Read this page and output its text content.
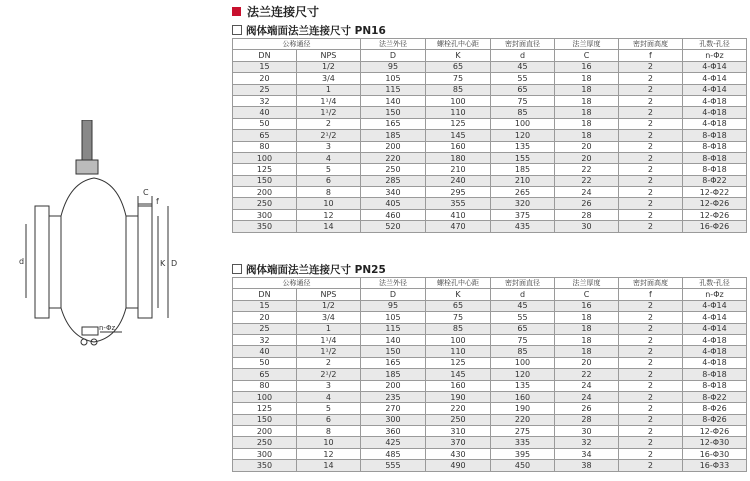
法兰连接尺寸
阀体端面法兰连接尺寸 PN16
公称通径		法兰外径	螺栓孔中心距	密封面直径	法兰厚度	密封面高度	孔数-孔径
DN	NPS	D	K	d	C	f	n-Φz
15	1/2	95	65	45	16	2	4-Φ14
20	3/4	105	75	55	18	2	4-Φ14
25	1	115	85	65	18	2	4-Φ14
32	1¹/4	140	100	75	18	2	4-Φ18
40	1¹/2	150	110	85	18	2	4-Φ18
50	2	165	125	100	18	2	4-Φ18
65	2¹/2	185	145	120	18	2	8-Φ18
80	3	200	160	135	20	2	8-Φ18
100	4	220	180	155	20	2	8-Φ18
125	5	250	210	185	22	2	8-Φ18
150	6	285	240	210	22	2	8-Φ22
200	8	340	295	265	24	2	12-Φ22
250	10	405	355	320	26	2	12-Φ26
300	12	460	410	375	28	2	12-Φ26
350	14	520	470	435	30	2	16-Φ26
阀体端面法兰连接尺寸 PN25
公称通径		法兰外径	螺栓孔中心距	密封面直径	法兰厚度	密封面高度	孔数-孔径
DN	NPS	D	K	d	C	f	n-Φz
15	1/2	95	65	45	16	2	4-Φ14
20	3/4	105	75	55	18	2	4-Φ14
25	1	115	85	65	18	2	4-Φ14
32	1¹/4	140	100	75	18	2	4-Φ18
40	1¹/2	150	110	85	18	2	4-Φ18
50	2	165	125	100	20	2	4-Φ18
65	2¹/2	185	145	120	22	2	8-Φ18
80	3	200	160	135	24	2	8-Φ18
100	4	235	190	160	24	2	8-Φ22
125	5	270	220	190	26	2	8-Φ26
150	6	300	250	220	28	2	8-Φ26
200	8	360	310	275	30	2	12-Φ26
250	10	425	370	335	32	2	12-Φ30
300	12	485	430	395	34	2	16-Φ30
350	14	555	490	450	38	2	16-Φ33
C
f
d	K D
n-Φz
